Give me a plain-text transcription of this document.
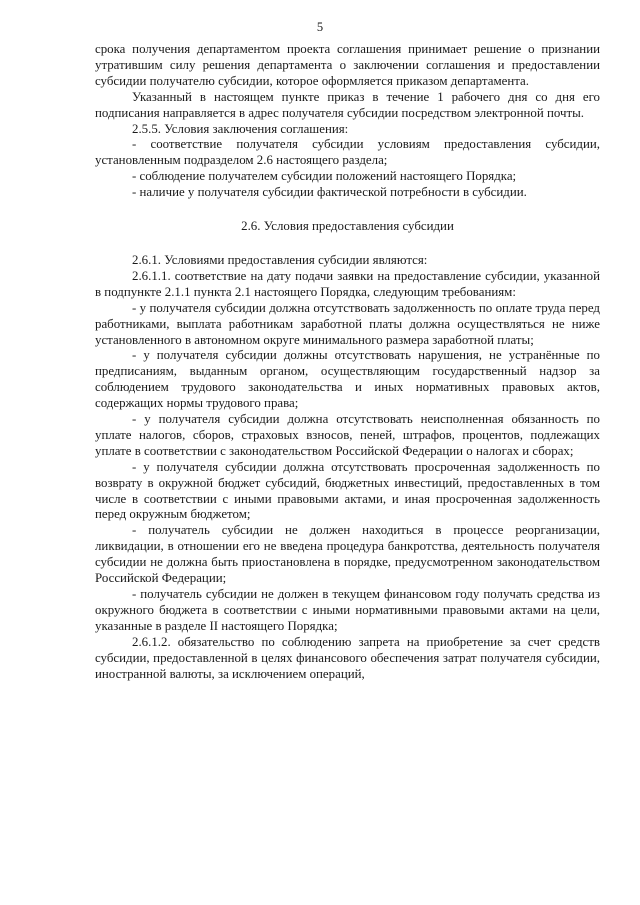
5

срока получения департаментом проекта соглашения принимает решение о признании утратившим силу решения департамента о заключении соглашения и предоставлении субсидии получателю субсидии, которое оформляется приказом департамента.

Указанный в настоящем пункте приказ в течение 1 рабочего дня со дня его подписания направляется в адрес получателя субсидии посредством электронной почты.

2.5.5. Условия заключения соглашения:

- соответствие получателя субсидии условиям предоставления субсидии, установленным подразделом 2.6 настоящего раздела;

- соблюдение получателем субсидии положений настоящего Порядка;

- наличие у получателя субсидии фактической потребности в субсидии.

2.6. Условия предоставления субсидии

2.6.1. Условиями предоставления субсидии являются:

2.6.1.1. соответствие на дату подачи заявки на предоставление субсидии, указанной в подпункте 2.1.1 пункта 2.1 настоящего Порядка, следующим требованиям:

- у получателя субсидии должна отсутствовать задолженность по оплате труда перед работниками, выплата работникам заработной платы должна осуществляться не ниже установленного в автономном округе минимального размера заработной платы;

- у получателя субсидии должны отсутствовать нарушения, не устранённые по предписаниям, выданным органом, осуществляющим государственный надзор за соблюдением трудового законодательства и иных нормативных правовых актов, содержащих нормы трудового права;

- у получателя субсидии должна отсутствовать неисполненная обязанность по уплате налогов, сборов, страховых взносов, пеней, штрафов, процентов, подлежащих уплате в соответствии с законодательством Российской Федерации о налогах и сборах;

- у получателя субсидии должна отсутствовать просроченная задолженность по возврату в окружной бюджет субсидий, бюджетных инвестиций, предоставленных в том числе в соответствии с иными правовыми актами, и иная просроченная задолженность перед окружным бюджетом;

- получатель субсидии не должен находиться в процессе реорганизации, ликвидации, в отношении его не введена процедура банкротства, деятельность получателя субсидии не должна быть приостановлена в порядке, предусмотренном законодательством Российской Федерации;

- получатель субсидии не должен в текущем финансовом году получать средства из окружного бюджета в соответствии с иными нормативными правовыми актами на цели, указанные в разделе II настоящего Порядка;

2.6.1.2. обязательство по соблюдению запрета на приобретение за счет средств субсидии, предоставленной в целях финансового обеспечения затрат получателя субсидии, иностранной валюты, за исключением операций,
